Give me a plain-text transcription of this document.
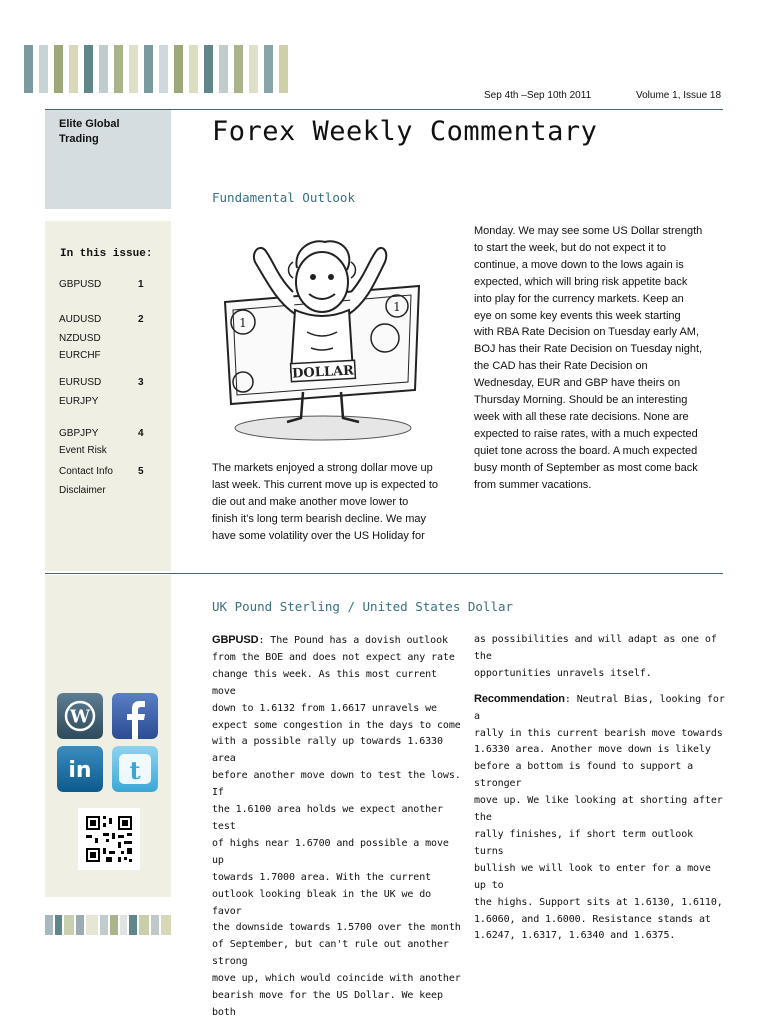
Sep 4th –Sep 10th 2011	Volume 1, Issue 18
Elite Global
Trading
In this issue:
GBPUSD	1
AUDUSD	2
NZDUSD
EURCHF
EURUSD	3
EURJPY
GBPJPY	4
Event Risk
Contact Info	5
Disclaimer
W
in t
Forex Weekly Commentary
Fundamental Outlook
1
1
DOLLAR
The markets enjoyed a strong dollar move up
last week. This current move up is expected to
die out and make another move lower to
finish it's long term bearish decline. We may
have some volatility over the US Holiday for
Monday. We may see some US Dollar strength
to start the week, but do not expect it to
continue, a move down to the lows again is
expected, which will bring risk appetite back
into play for the currency markets. Keep an
eye on some key events this week starting
with RBA Rate Decision on Tuesday early AM,
BOJ has their Rate Decision on Tuesday night,
the CAD has their Rate Decision on
Wednesday, EUR and GBP have theirs on
Thursday Morning. Should be an interesting
week with all these rate decisions. None are
expected to raise rates, with a much expected
quiet tone across the board. A much expected
busy month of September as most come back
from summer vacations.
UK Pound Sterling / United States Dollar
GBPUSD: The Pound has a dovish outlook
from the BOE and does not expect any rate
change this week. As this most current move
down to 1.6132 from 1.6617 unravels we
expect some congestion in the days to come
with a possible rally up towards 1.6330 area
before another move down to test the lows. If
the 1.6100 area holds we expect another test
of highs near 1.6700 and possible a move up
towards 1.7000 area. With the current
outlook looking bleak in the UK we do favor
the downside towards 1.5700 over the month
of September, but can't rule out another strong
move up, which would coincide with another
bearish move for the US Dollar. We keep both
as possibilities and will adapt as one of the
opportunities unravels itself.
Recommendation: Neutral Bias, looking for a
rally in this current bearish move towards
1.6330 area. Another move down is likely
before a bottom is found to support a stronger
move up. We like looking at shorting after the
rally finishes, if short term outlook turns
bullish we will look to enter for a move up to
the highs. Support sits at 1.6130, 1.6110,
1.6060, and 1.6000. Resistance stands at
1.6247, 1.6317, 1.6340 and 1.6375.
